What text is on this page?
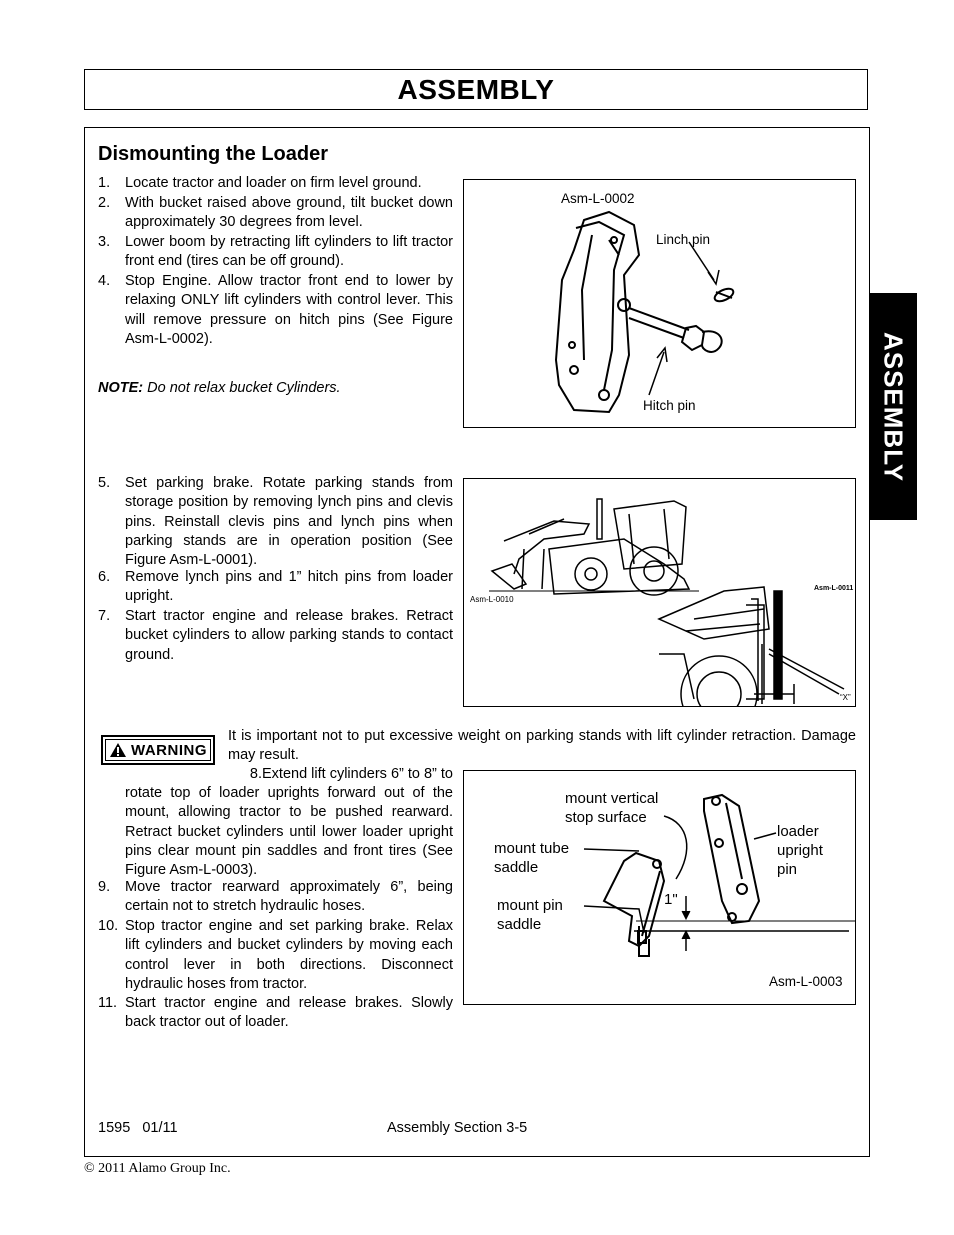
ASSEMBLY
ASSEMBLY
Dismounting the Loader
1. Locate tractor and loader on firm level ground.
2. With bucket raised above ground, tilt bucket down approximately 30 degrees from level.
3. Lower boom by retracting lift cylinders to lift tractor front end (tires can be off ground).
4. Stop Engine. Allow tractor front end to lower by relaxing ONLY lift cylinders with control lever. This will remove pressure on hitch pins (See Figure Asm-L-0002).
5. Set parking brake. Rotate parking stands from storage position by removing lynch pins and clevis pins. Reinstall clevis pins and lynch pins when parking stands are in operation position (See Figure Asm-L-0001).
6. Remove lynch pins and 1” hitch pins from loader upright.
7. Start tractor engine and release brakes. Retract bucket cylinders to allow parking stands to contact ground.
rotate top of loader uprights forward out of the mount, allowing tractor to be pushed rearward. Retract bucket cylinders until lower loader upright pins clear mount pin saddles and front tires (See Figure Asm-L-0003).
9. Move tractor rearward approximately 6”, being certain not to stretch hydraulic hoses.
10. Stop tractor engine and set parking brake. Relax lift cylinders and bucket cylinders by moving each control lever in both directions. Disconnect hydraulic hoses from tractor.
11. Start tractor engine and release brakes. Slowly back tractor out of loader.
8.Extend lift cylinders 6” to 8” to
NOTE: Do not relax bucket Cylinders.
WARNING
It is important not to put excessive weight on parking stands with lift cylinder retraction. Damage may result.
Asm-L-0002
Linch pin
Hitch pin
Asm-L-0010
Asm-L-0011
“X”
mount vertical
stop surface
mount tube
saddle
mount pin
saddle
loader
upright
pin
1"
Asm-L-0003
1595   01/11	Assembly Section 3-5
© 2011 Alamo Group Inc.
